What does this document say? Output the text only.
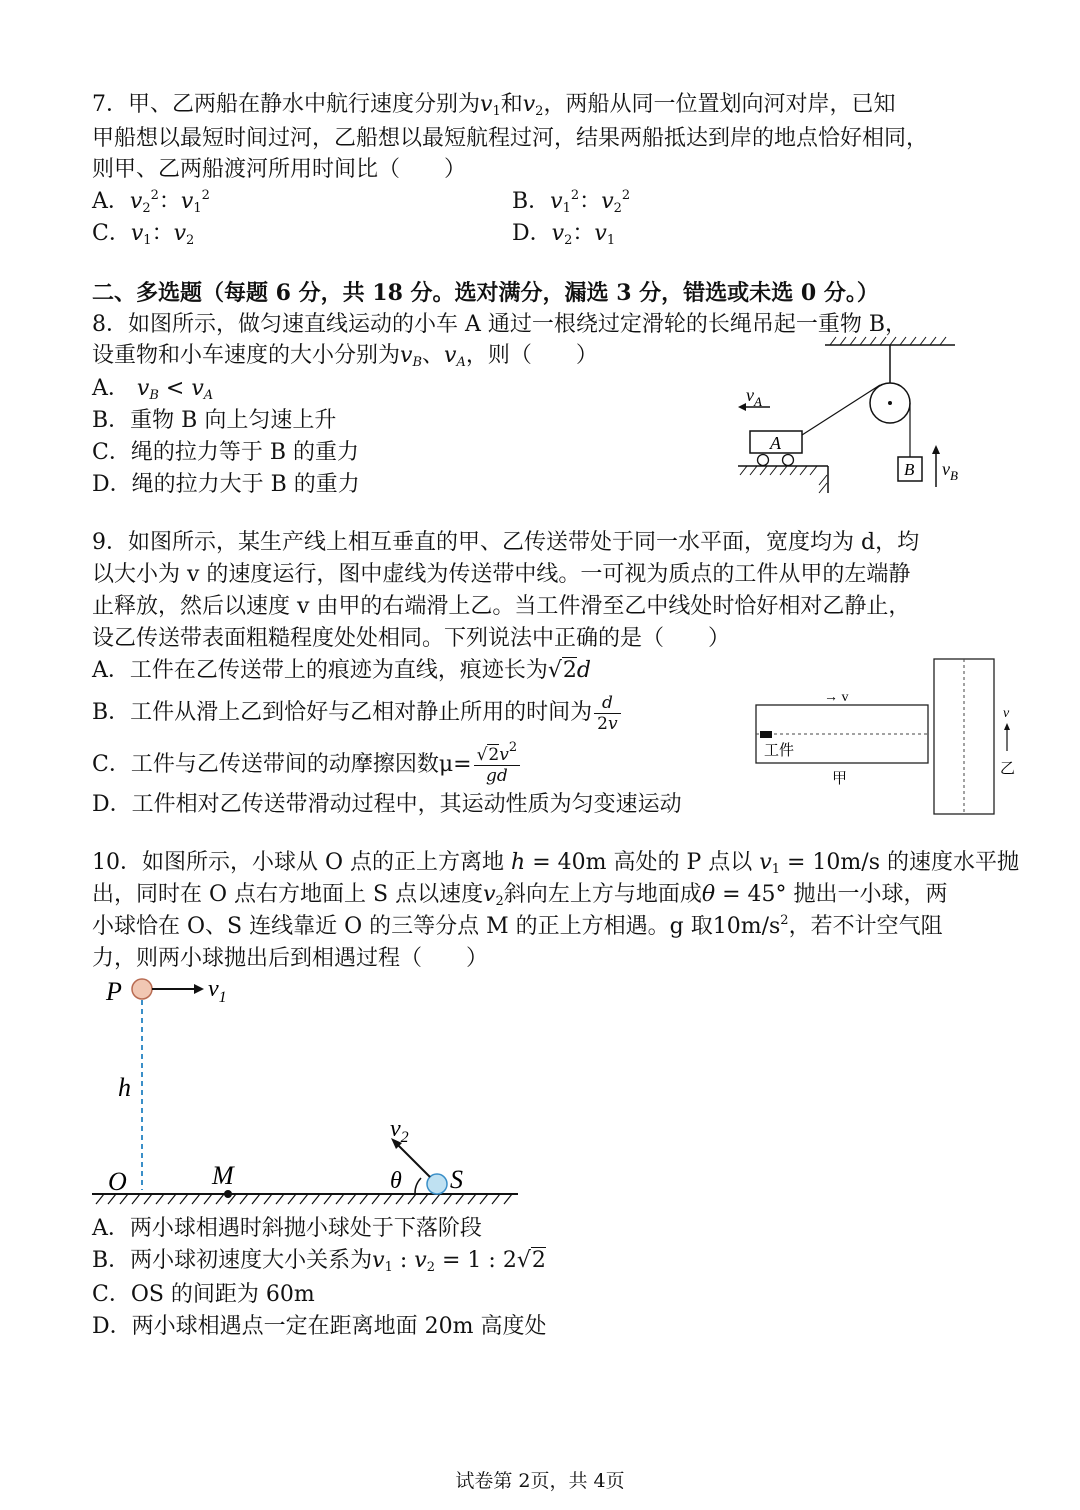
7．甲、乙两船在静水中航行速度分别为$v_1$和$v_2$，两船从同一位置划向河对岸，已知
甲船想以最短时间过河，乙船想以最短航程过河，结果两船抵达到岸的地点恰好相同，
则甲、乙两船渡河所用时间比（　　）
A．$v_2^2$：$v_1^2$	B．$v_1^2$：$v_2^2$
C．$v_1$：$v_2$	D．$v_2$：$v_1$
二、多选题（每题 6 分，共 18 分。选对满分，漏选 3 分，错选或未选 0 分。）
8．如图所示，做匀速直线运动的小车 A 通过一根绕过定滑轮的长绳吊起一重物 B，
设重物和小车速度的大小分别为$v_B$、$v_A$，则（　　）
A． $v_B < v_A$
B．重物 B 向上匀速上升
C．绳的拉力等于 B 的重力
D．绳的拉力大于 B 的重力
A
$v_A$
B $v_B$
9．如图所示，某生产线上相互垂直的甲、乙传送带处于同一水平面，宽度均为 d，均
以大小为 v 的速度运行，图中虚线为传送带中线。一可视为质点的工件从甲的左端静
止释放，然后以速度 v 由甲的右端滑上乙。当工件滑至乙中线处时恰好相对乙静止，
设乙传送带表面粗糙程度处处相同。下列说法中正确的是（　　）
A．工件在乙传送带上的痕迹为直线，痕迹长为√2d
B．工件从滑上乙到恰好与乙相对静止所用的时间为 $\frac{d}{2v}$
C．工件与乙传送带间的动摩擦因数$\mu= \frac{√2v^2}{gd}$
D．工件相对乙传送带滑动过程中，其运动性质为匀变速运动
工件
→ v
甲
v
乙
10．如图所示，小球从 O 点的正上方离地 h = 40m 高处的 P 点以 $v_1 = 10m/s$ 的速度水平抛
出，同时在 O 点右方地面上 S 点以速度$v_2$斜向左上方与地面成θ = 45° 抛出一小球，两
小球恰在 O、S 连线靠近 O 的三等分点 M 的正上方相遇。g 取$10m/s^2$，若不计空气阻
力，则两小球抛出后到相遇过程（　　）
P	$v_1$
h
O	M	S
$v_2$
θ
A．两小球相遇时斜抛小球处于下落阶段
B．两小球初速度大小关系为$v_1$ : $v_2 = 1$ : 2√2
C．OS 的间距为 60m
D．两小球相遇点一定在距离地面 20m 高度处
试卷第 2页，共 4页
